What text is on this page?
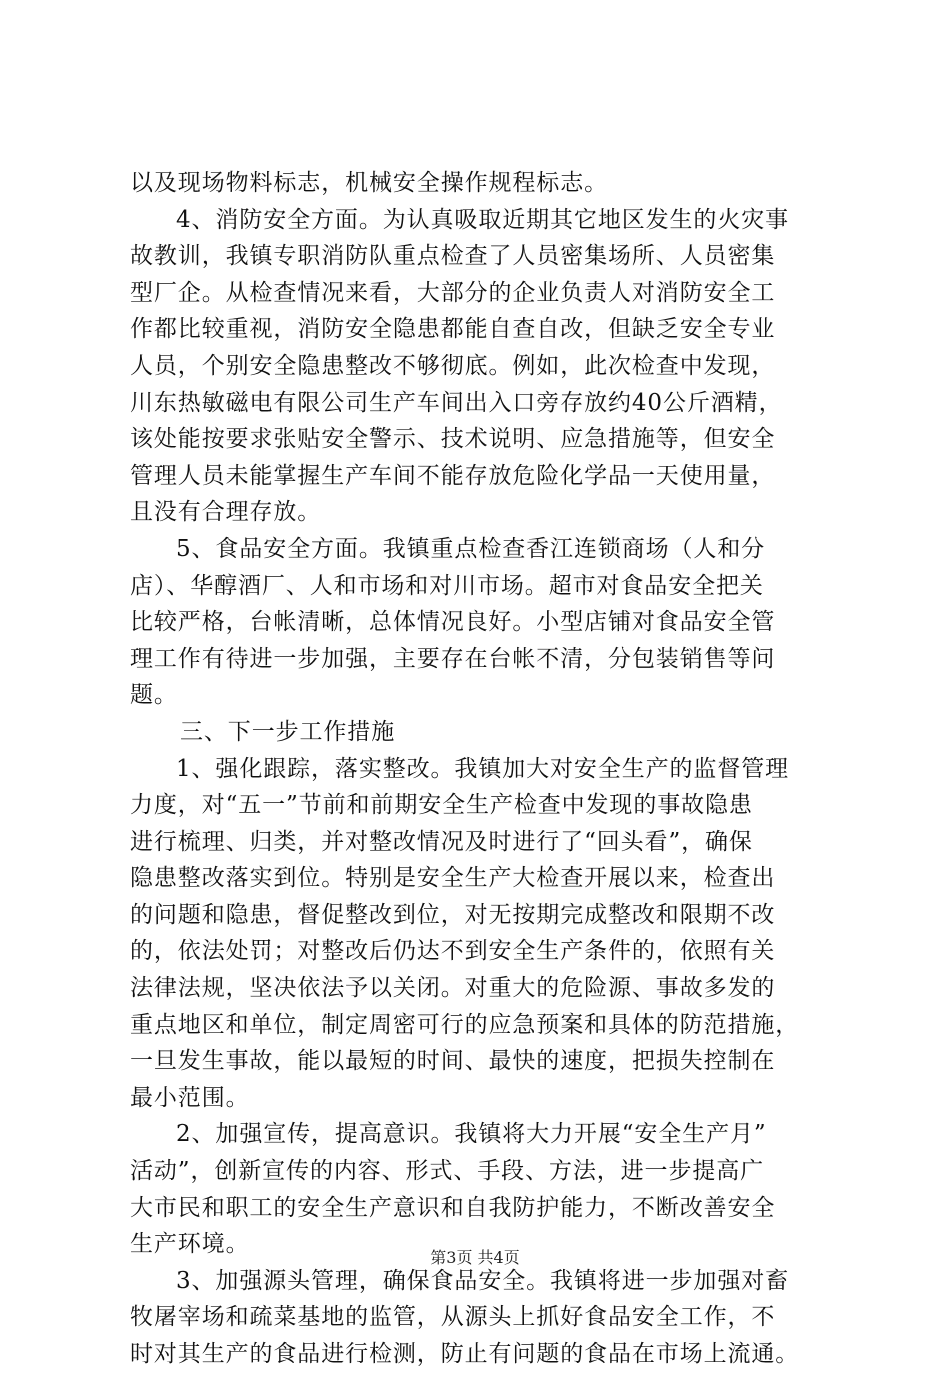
以及现场物料标志，机械安全操作规程标志。
4、消防安全方面。为认真吸取近期其它地区发生的火灾事
故教训，我镇专职消防队重点检查了人员密集场所、人员密集
型厂企。从检查情况来看，大部分的企业负责人对消防安全工
作都比较重视，消防安全隐患都能自查自改，但缺乏安全专业
人员，个别安全隐患整改不够彻底。例如，此次检查中发现，
川东热敏磁电有限公司生产车间出入口旁存放约40公斤酒精，
该处能按要求张贴安全警示、技术说明、应急措施等，但安全
管理人员未能掌握生产车间不能存放危险化学品一天使用量，
且没有合理存放。
5、食品安全方面。我镇重点检查香江连锁商场（人和分
店）、华醇酒厂、人和市场和对川市场。超市对食品安全把关
比较严格，台帐清晰，总体情况良好。小型店铺对食品安全管
理工作有待进一步加强，主要存在台帐不清，分包装销售等问
题。
三、下一步工作措施
1、强化跟踪，落实整改。我镇加大对安全生产的监督管理
力度，对“五一”节前和前期安全生产检查中发现的事故隐患
进行梳理、归类，并对整改情况及时进行了“回头看”，确保
隐患整改落实到位。特别是安全生产大检查开展以来，检查出
的问题和隐患，督促整改到位，对无按期完成整改和限期不改
的，依法处罚；对整改后仍达不到安全生产条件的，依照有关
法律法规，坚决依法予以关闭。对重大的危险源、事故多发的
重点地区和单位，制定周密可行的应急预案和具体的防范措施，
一旦发生事故，能以最短的时间、最快的速度，把损失控制在
最小范围。
2、加强宣传，提高意识。我镇将大力开展“安全生产月”
活动”，创新宣传的内容、形式、手段、方法，进一步提高广
大市民和职工的安全生产意识和自我防护能力，不断改善安全
生产环境。
3、加强源头管理，确保食品安全。我镇将进一步加强对畜
牧屠宰场和疏菜基地的监管，从源头上抓好食品安全工作，不
时对其生产的食品进行检测，防止有问题的食品在市场上流通。
第3页 共4页
